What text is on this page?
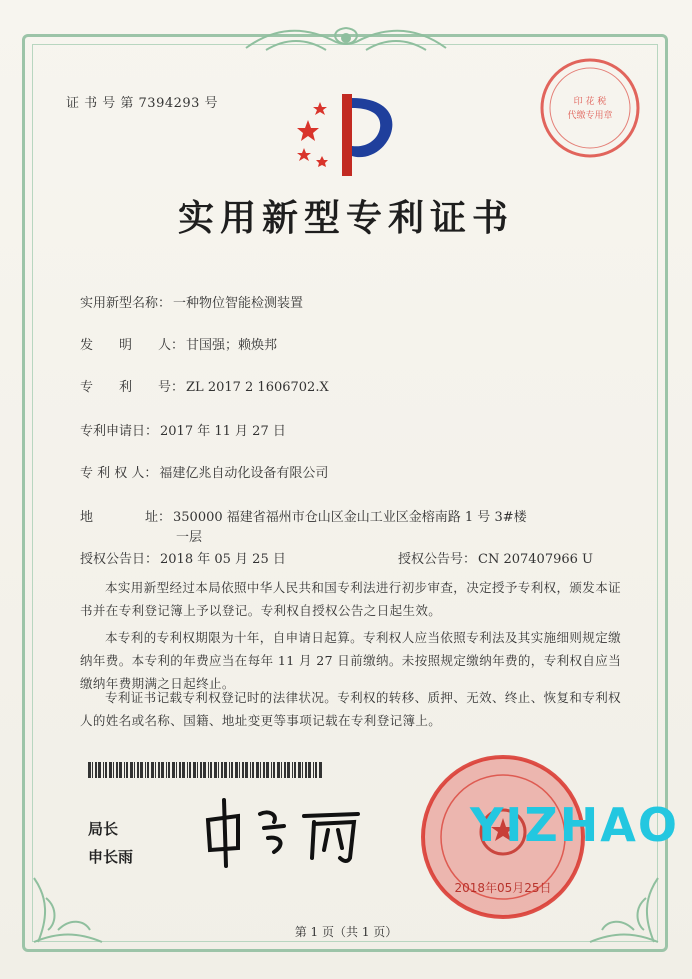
证 书 号 第 7394293 号	印 花 税
代缴专用章
实用新型专利证书
实用新型名称： 一种物位智能检测装置
发　　明　　人： 甘国强；赖焕邦
专　　利　　号： ZL 2017 2 1606702.X
专利申请日： 2017 年 11 月 27 日
专 利 权 人： 福建亿兆自动化设备有限公司
地　　　　址： 350000 福建省福州市仓山区金山工业区金榕南路 1 号 3#楼
一层
授权公告日： 2018 年 05 月 25 日	授权公告号： CN 207407966 U
本实用新型经过本局依照中华人民共和国专利法进行初步审查，决定授予专利权，颁发本证书并在专利登记簿上予以登记。专利权自授权公告之日起生效。
本专利的专利权期限为十年，自申请日起算。专利权人应当依照专利法及其实施细则规定缴纳年费。本专利的年费应当在每年 11 月 27 日前缴纳。未按照规定缴纳年费的，专利权自应当缴纳年费期满之日起终止。
专利证书记载专利权登记时的法律状况。专利权的转移、质押、无效、终止、恢复和专利权人的姓名或名称、国籍、地址变更等事项记载在专利登记簿上。
局长
申长雨
2018年05月25日
YIZHAO
第 1 页（共 1 页）
